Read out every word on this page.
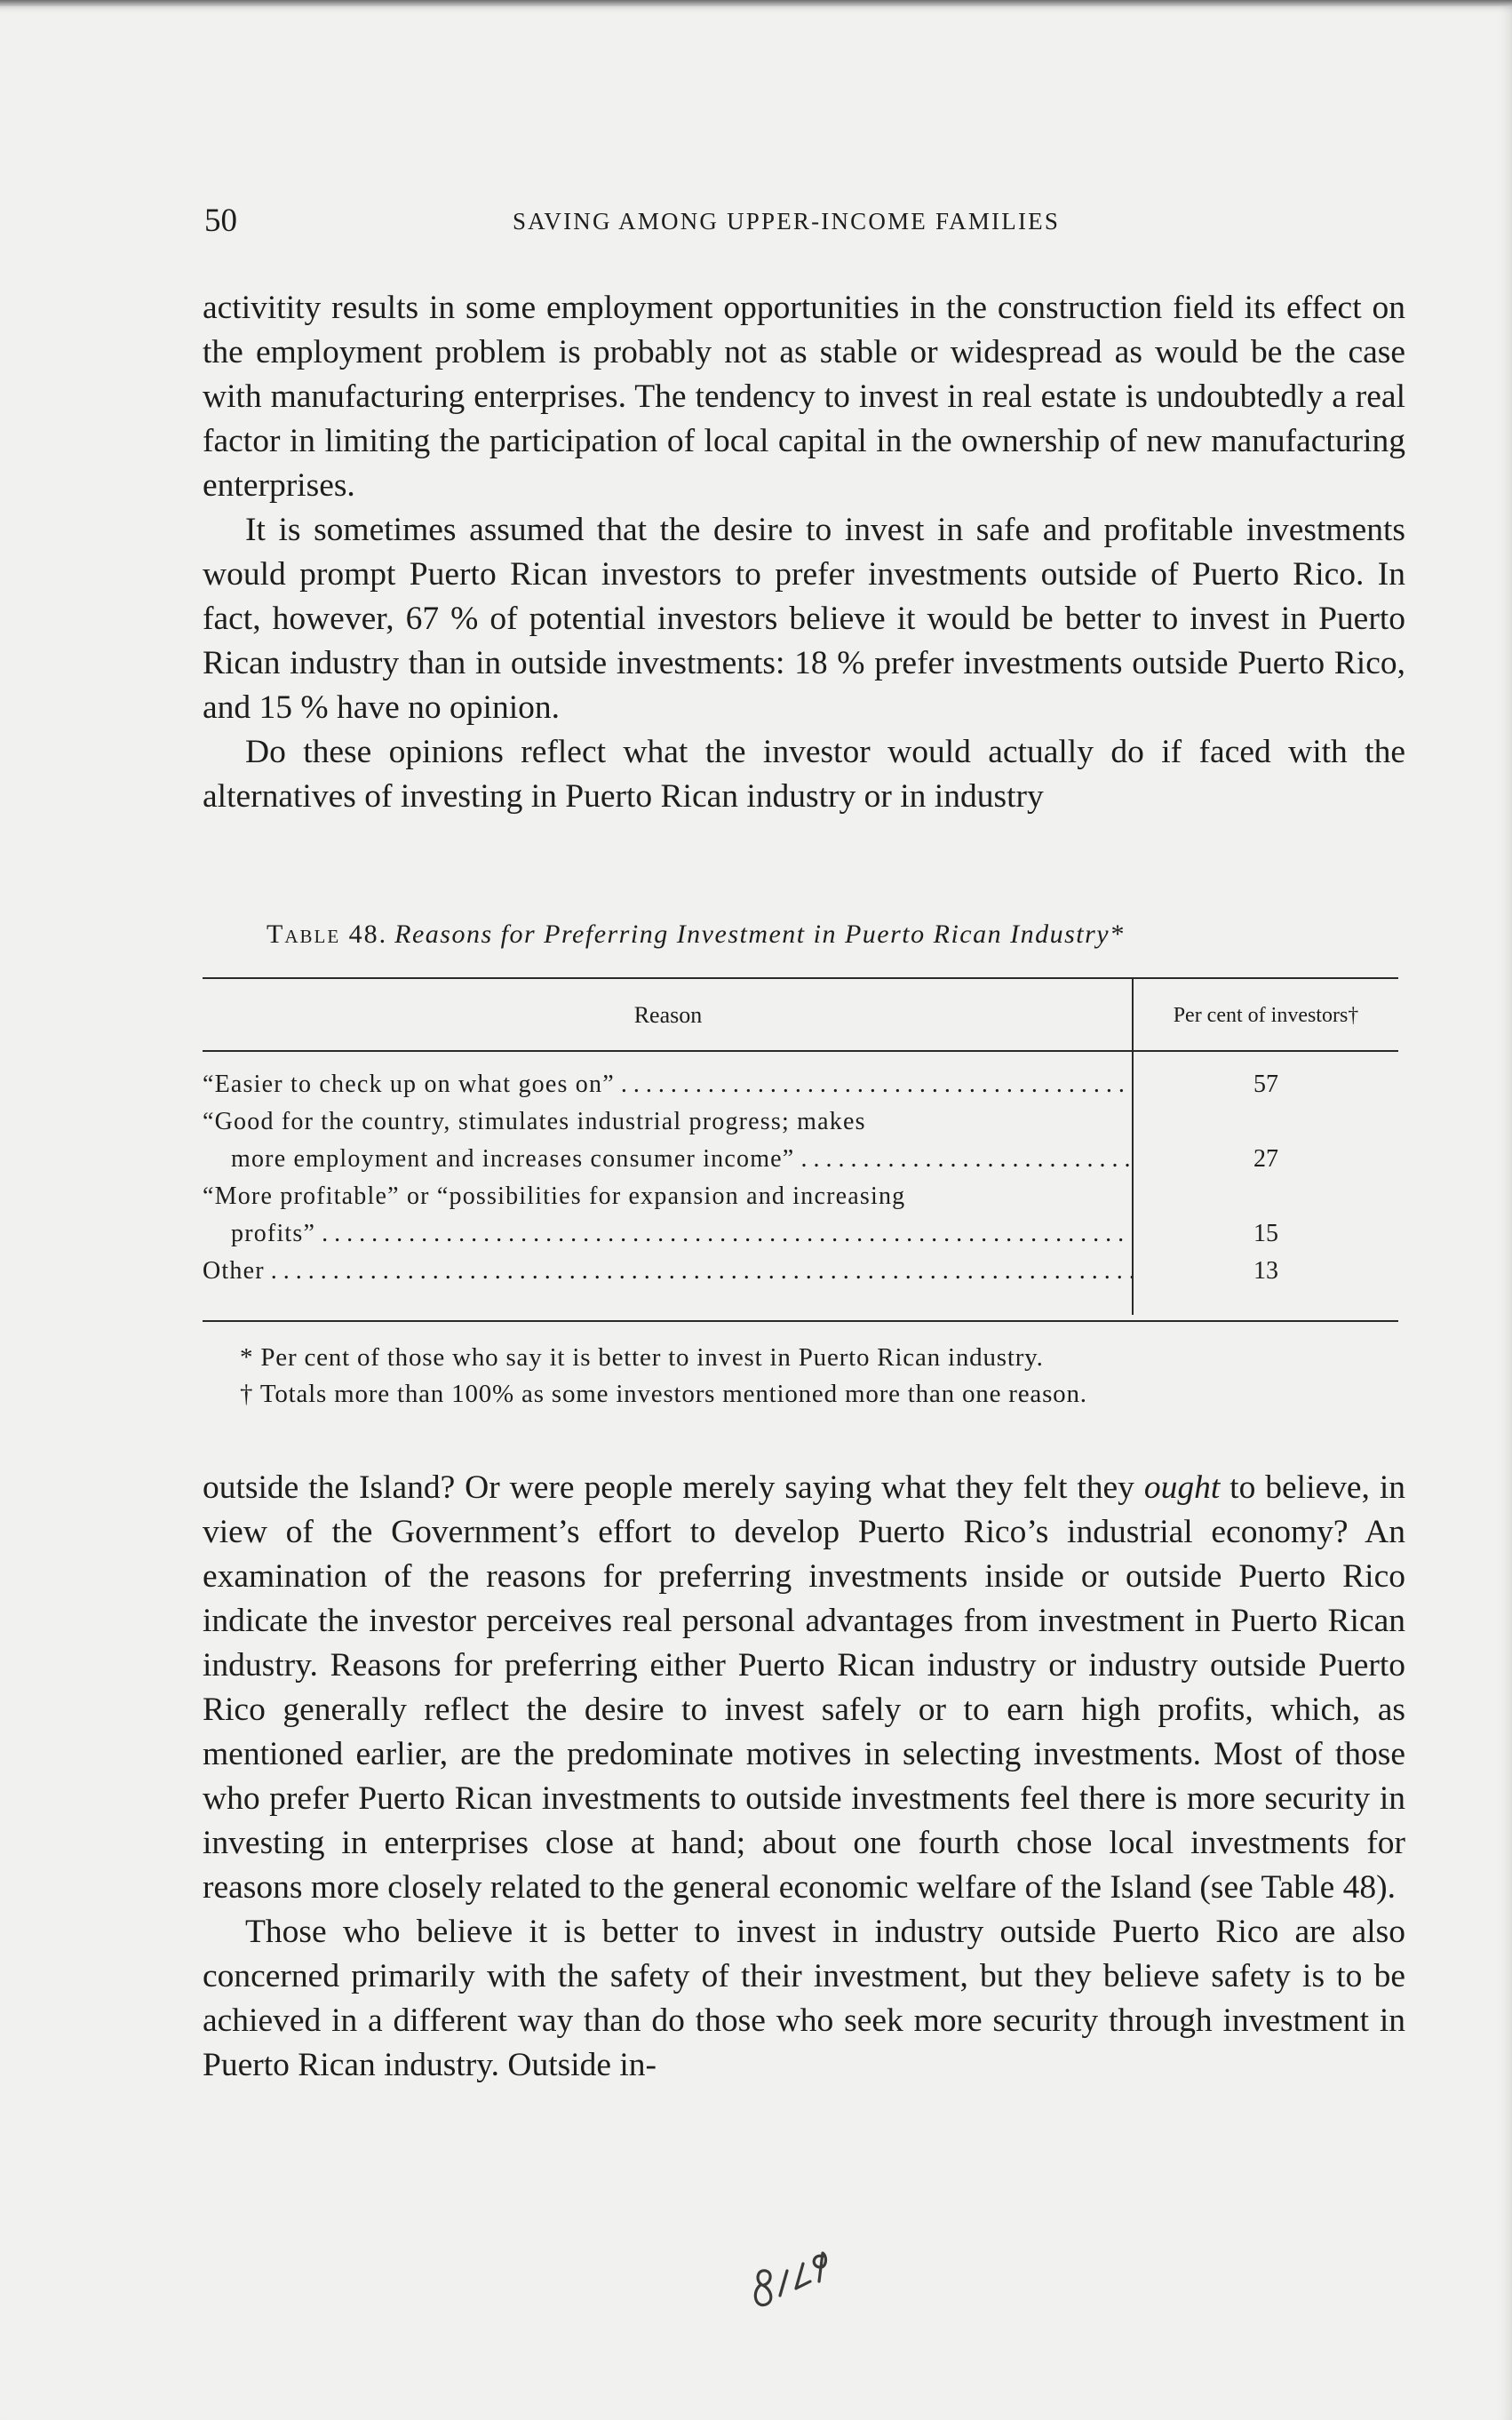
50	SAVING AMONG UPPER-INCOME FAMILIES

activitity results in some employment opportunities in the construction field its effect on the employment problem is probably not as stable or widespread as would be the case with manufacturing enterprises. The tendency to invest in real estate is undoubtedly a real factor in limiting the participation of local capital in the ownership of new manufacturing enterprises.

It is sometimes assumed that the desire to invest in safe and profitable investments would prompt Puerto Rican investors to prefer investments outside of Puerto Rico. In fact, however, 67 % of potential investors believe it would be better to invest in Puerto Rican industry than in outside investments: 18 % prefer investments outside Puerto Rico, and 15 % have no opinion.

Do these opinions reflect what the investor would actually do if faced with the alternatives of investing in Puerto Rican industry or in industry

Table 48. Reasons for Preferring Investment in Puerto Rican Industry*
Reason	Per cent of investors†
“Easier to check up on what goes on” . . .	57
“Good for the country, stimulates industrial progress; makes
more employment and increases consumer income” . . .	27
“More profitable” or “possibilities for expansion and increasing
profits” . . .	15
Other . . .	13
* Per cent of those who say it is better to invest in Puerto Rican industry.
† Totals more than 100% as some investors mentioned more than one reason.

outside the Island? Or were people merely saying what they felt they ought to believe, in view of the Government’s effort to develop Puerto Rico’s industrial economy? An examination of the reasons for preferring investments inside or outside Puerto Rico indicate the investor perceives real personal advantages from investment in Puerto Rican industry. Reasons for preferring either Puerto Rican industry or industry outside Puerto Rico generally reflect the desire to invest safely or to earn high profits, which, as mentioned earlier, are the predominate motives in selecting investments. Most of those who prefer Puerto Rican investments to outside investments feel there is more security in investing in enterprises close at hand; about one fourth chose local investments for reasons more closely related to the general economic welfare of the Island (see Table 48).

Those who believe it is better to invest in industry outside Puerto Rico are also concerned primarily with the safety of their investment, but they believe safety is to be achieved in a different way than do those who seek more security through investment in Puerto Rican industry. Outside in-
